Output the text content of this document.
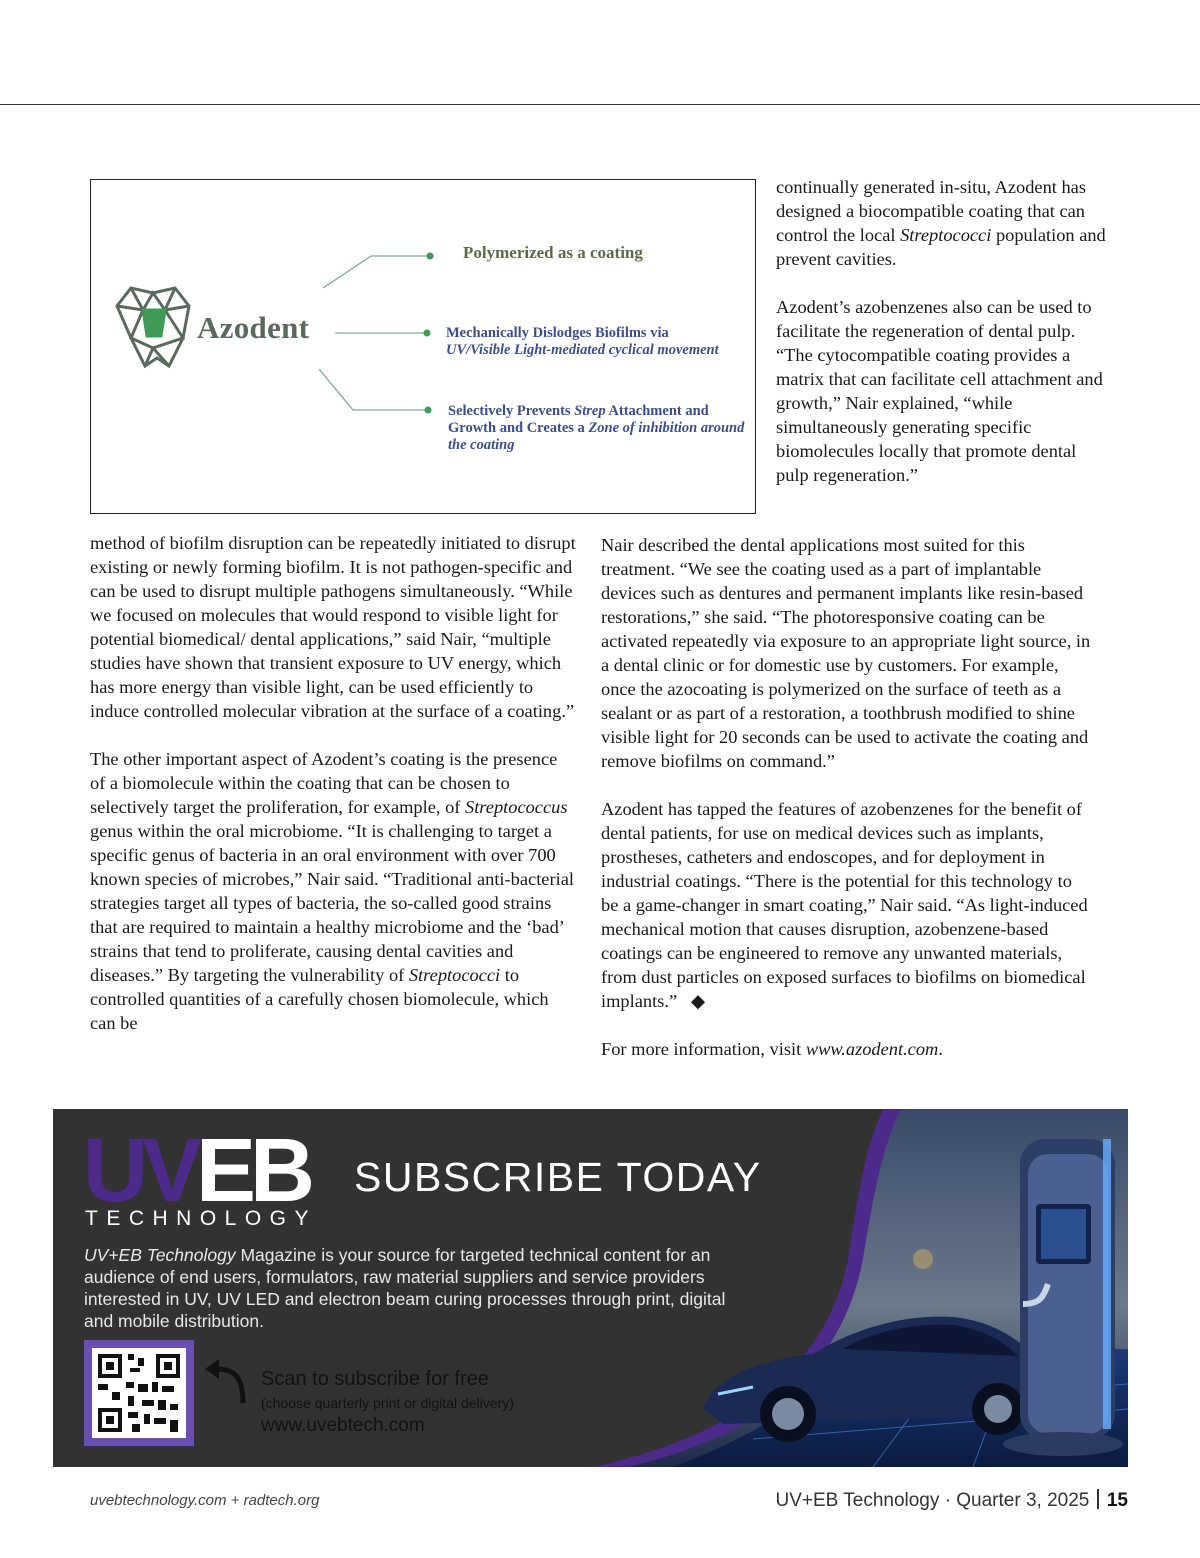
Azodent
Polymerized as a coating
Mechanically Dislodges Biofilms via
UV/Visible Light-mediated cyclical movement
Selectively Prevents Strep Attachment and Growth and Creates a Zone of inhibition around the coating

continually generated in-situ, Azodent has designed a biocompatible coating that can control the local Streptococci population and prevent cavities.

Azodent’s azobenzenes also can be used to facilitate the regeneration of dental pulp. “The cytocompatible coating provides a matrix that can facilitate cell attachment and growth,” Nair explained, “while simultaneously generating specific biomolecules locally that promote dental pulp regeneration.”

method of biofilm disruption can be repeatedly initiated to disrupt existing or newly forming biofilm. It is not pathogen-specific and can be used to disrupt multiple pathogens simultaneously. “While we focused on molecules that would respond to visible light for potential biomedical/ dental applications,” said Nair, “multiple studies have shown that transient exposure to UV energy, which has more energy than visible light, can be used efficiently to induce controlled molecular vibration at the surface of a coating.”

The other important aspect of Azodent’s coating is the presence of a biomolecule within the coating that can be chosen to selectively target the proliferation, for example, of Streptococcus genus within the oral microbiome. “It is challenging to target a specific genus of bacteria in an oral environment with over 700 known species of microbes,” Nair said. “Traditional anti-bacterial strategies target all types of bacteria, the so-called good strains that are required to maintain a healthy microbiome and the ‘bad’ strains that tend to proliferate, causing dental cavities and diseases.” By targeting the vulnerability of Streptococci to controlled quantities of a carefully chosen biomolecule, which can be

Nair described the dental applications most suited for this treatment. “We see the coating used as a part of implantable devices such as dentures and permanent implants like resin-based restorations,” she said. “The photoresponsive coating can be activated repeatedly via exposure to an appropriate light source, in a dental clinic or for domestic use by customers. For example, once the azocoating is polymerized on the surface of teeth as a sealant or as part of a restoration, a toothbrush modified to shine visible light for 20 seconds can be used to activate the coating and remove biofilms on command.”

Azodent has tapped the features of azobenzenes for the benefit of dental patients, for use on medical devices such as implants, prostheses, catheters and endoscopes, and for deployment in industrial coatings. “There is the potential for this technology to be a game-changer in smart coating,” Nair said. “As light-induced mechanical motion that causes disruption, azobenzene-based coatings can be engineered to remove any unwanted materials, from dust particles on exposed surfaces to biofilms on biomedical implants.” ◆

For more information, visit www.azodent.com.

UVEB
TECHNOLOGY
SUBSCRIBE TODAY
UV+EB Technology Magazine is your source for targeted technical content for an audience of end users, formulators, raw material suppliers and service providers interested in UV, UV LED and electron beam curing processes through print, digital and mobile distribution.
Scan to subscribe for free
(choose quarterly print or digital delivery)
www.uvebtech.com
uvebtechnology.com + radtech.org	UV+EB Technology · Quarter 3, 2025 15
